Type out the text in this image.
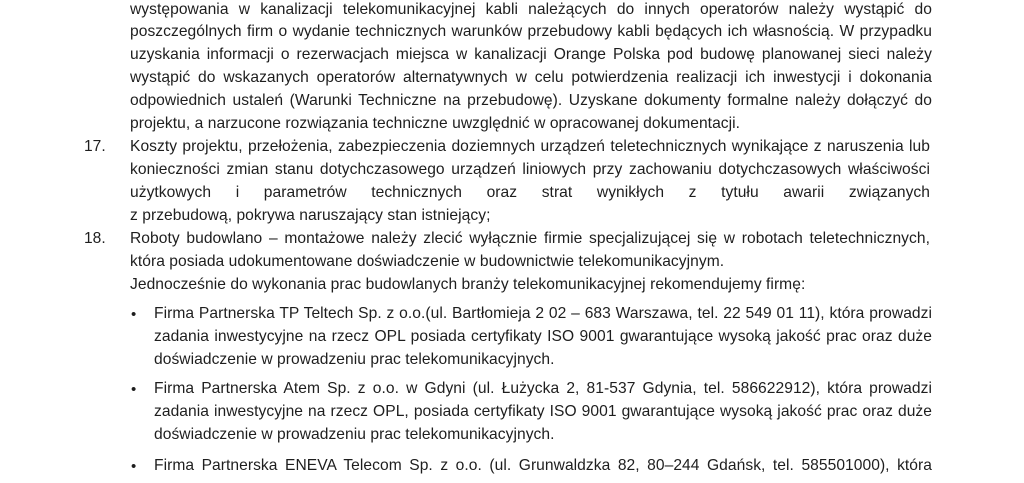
występowania w kanalizacji telekomunikacyjnej kabli należących do innych operatorów należy wystąpić do
poszczególnych firm o wydanie technicznych warunków przebudowy kabli będących ich własnością. W przypadku
uzyskania informacji o rezerwacjach miejsca w kanalizacji Orange Polska pod budowę planowanej sieci należy
wystąpić do wskazanych operatorów alternatywnych w celu potwierdzenia realizacji ich inwestycji i dokonania
odpowiednich ustaleń (Warunki Techniczne na przebudowę). Uzyskane dokumenty formalne należy dołączyć do
projektu, a narzucone rozwiązania techniczne uwzględnić w opracowanej dokumentacji.
17. Koszty projektu, przełożenia, zabezpieczenia doziemnych urządzeń teletechnicznych wynikające z naruszenia lub
konieczności zmian stanu dotychczasowego urządzeń liniowych przy zachowaniu dotychczasowych właściwości
użytkowych i parametrów technicznych oraz strat wynikłych z tytułu awarii związanych
z przebudową, pokrywa naruszający stan istniejący;
18. Roboty budowlano – montażowe należy zlecić wyłącznie firmie specjalizującej się w robotach teletechnicznych,
która posiada udokumentowane doświadczenie w budownictwie telekomunikacyjnym.
Jednocześnie do wykonania prac budowlanych branży telekomunikacyjnej rekomendujemy firmę:
• Firma Partnerska TP Teltech Sp. z o.o.(ul. Bartłomieja 2 02 – 683 Warszawa, tel. 22 549 01 11), która prowadzi
zadania inwestycyjne na rzecz OPL posiada certyfikaty ISO 9001 gwarantujące wysoką jakość prac oraz duże
doświadczenie w prowadzeniu prac telekomunikacyjnych.
• Firma Partnerska Atem Sp. z o.o. w Gdyni (ul. Łużycka 2, 81-537 Gdynia, tel. 586622912), która prowadzi
zadania inwestycyjne na rzecz OPL, posiada certyfikaty ISO 9001 gwarantujące wysoką jakość prac oraz duże
doświadczenie w prowadzeniu prac telekomunikacyjnych.
• Firma Partnerska ENEVA Telecom Sp. z o.o. (ul. Grunwaldzka 82, 80–244 Gdańsk, tel. 585501000), która
